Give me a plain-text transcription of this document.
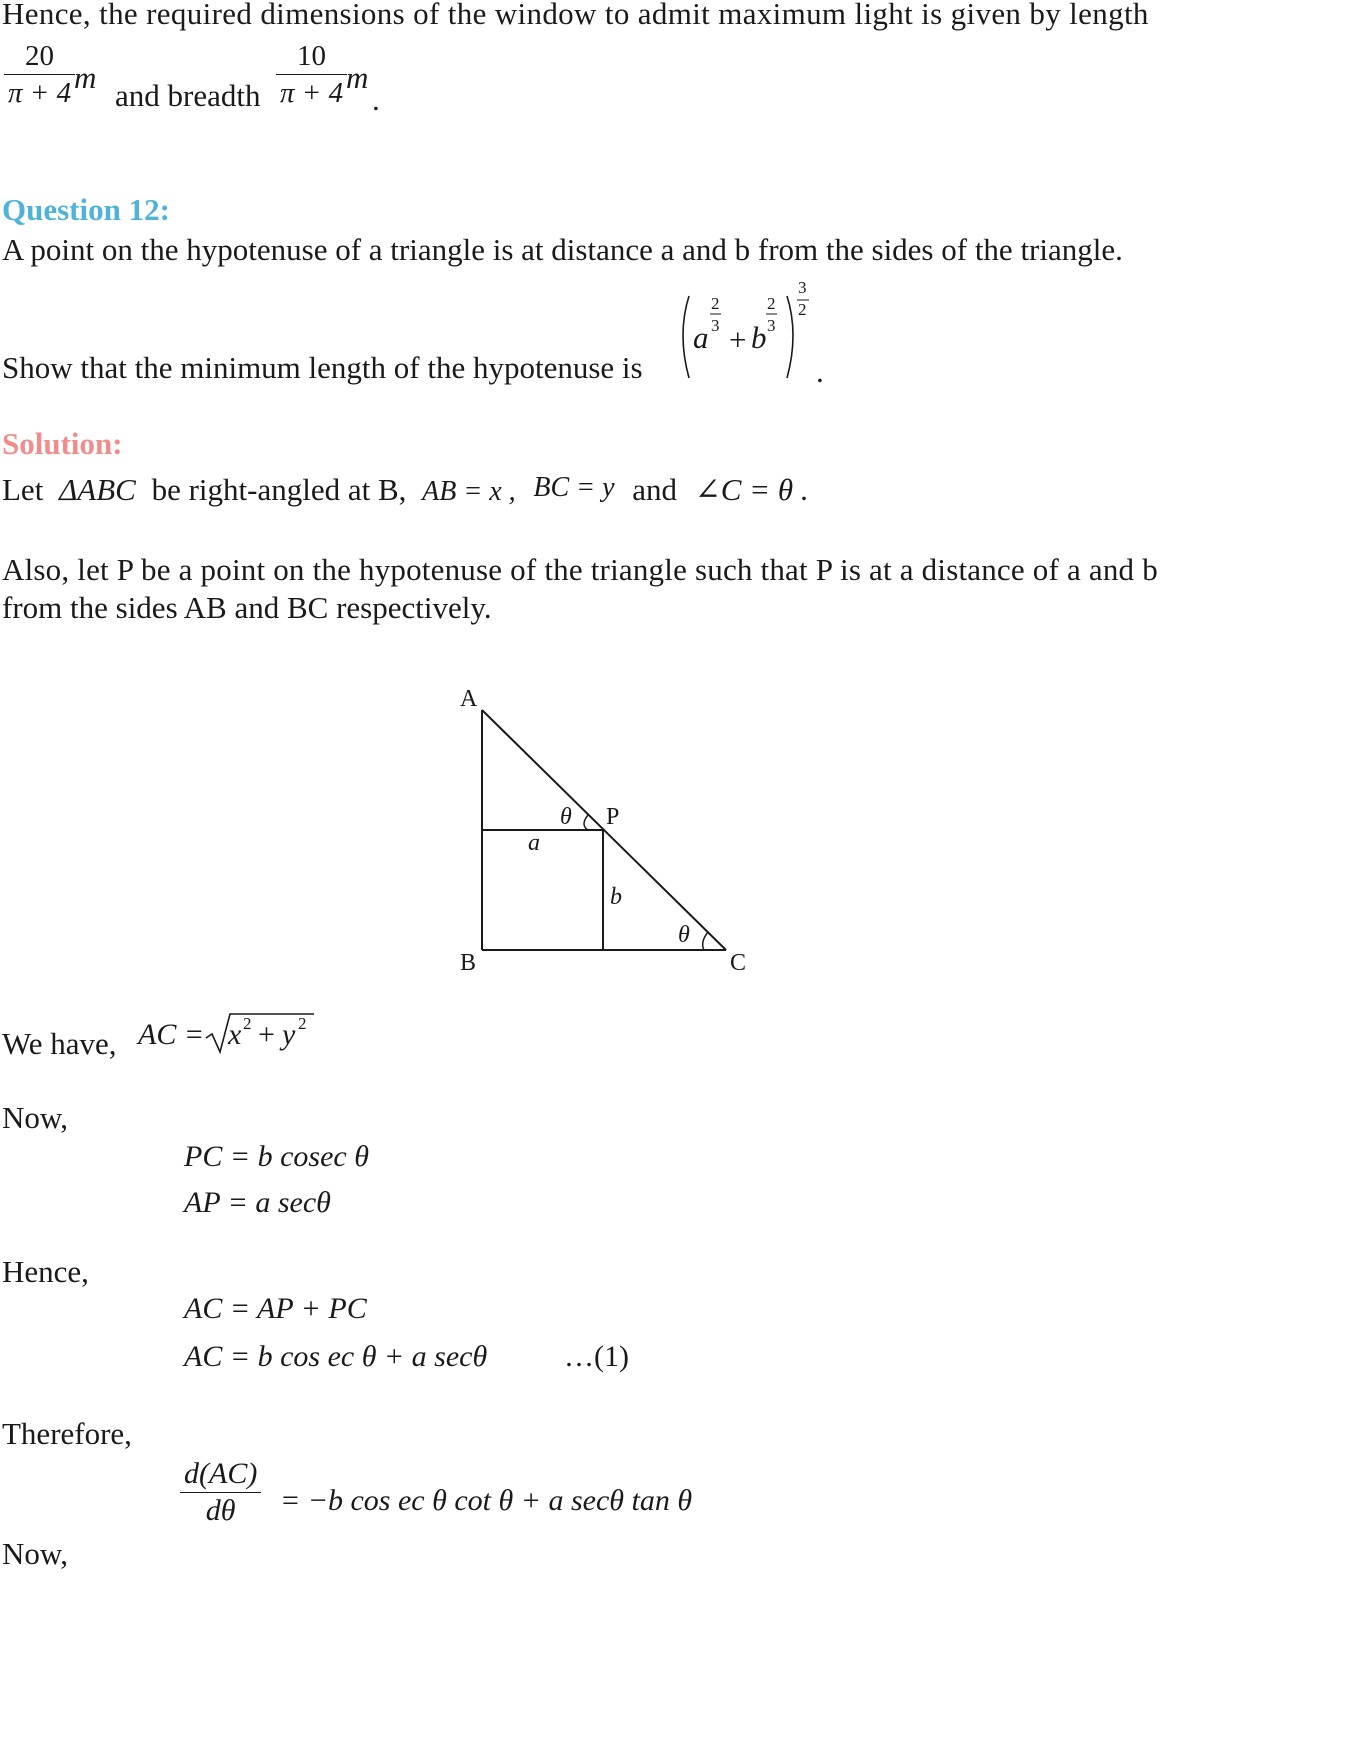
Hence, the required dimensions of the window to admit maximum light is given by length
$\frac{20}{\pi + 4}$
m
and breadth $\frac{10}{\pi + 4}$
m
.
Question 12:
A point on the hypotenuse of a triangle is at distance a and b from the sides of the triangle.
Show that the minimum length of the hypotenuse is
3
2
a
2
3 + b
2
3
.
Solution:
Let ΔABC be right-angled at B, AB = x , BC = y and ∠C = θ .
Also, let P be a point on the hypotenuse of the triangle such that P is at a distance of a and b
from the sides AB and BC respectively.
A
B	C
P
a
b
θ
θ
We have, AC = x 2 + y 2
Now,
PC = b cosec θ
AP = a secθ
Hence,
AC = AP + PC
AC = b cos ec θ + a secθ	…(1)
Therefore,
$\frac{d(AC)}{d\theta} = -b$ cos ec θ cot θ + a secθ tan θ
Now,
